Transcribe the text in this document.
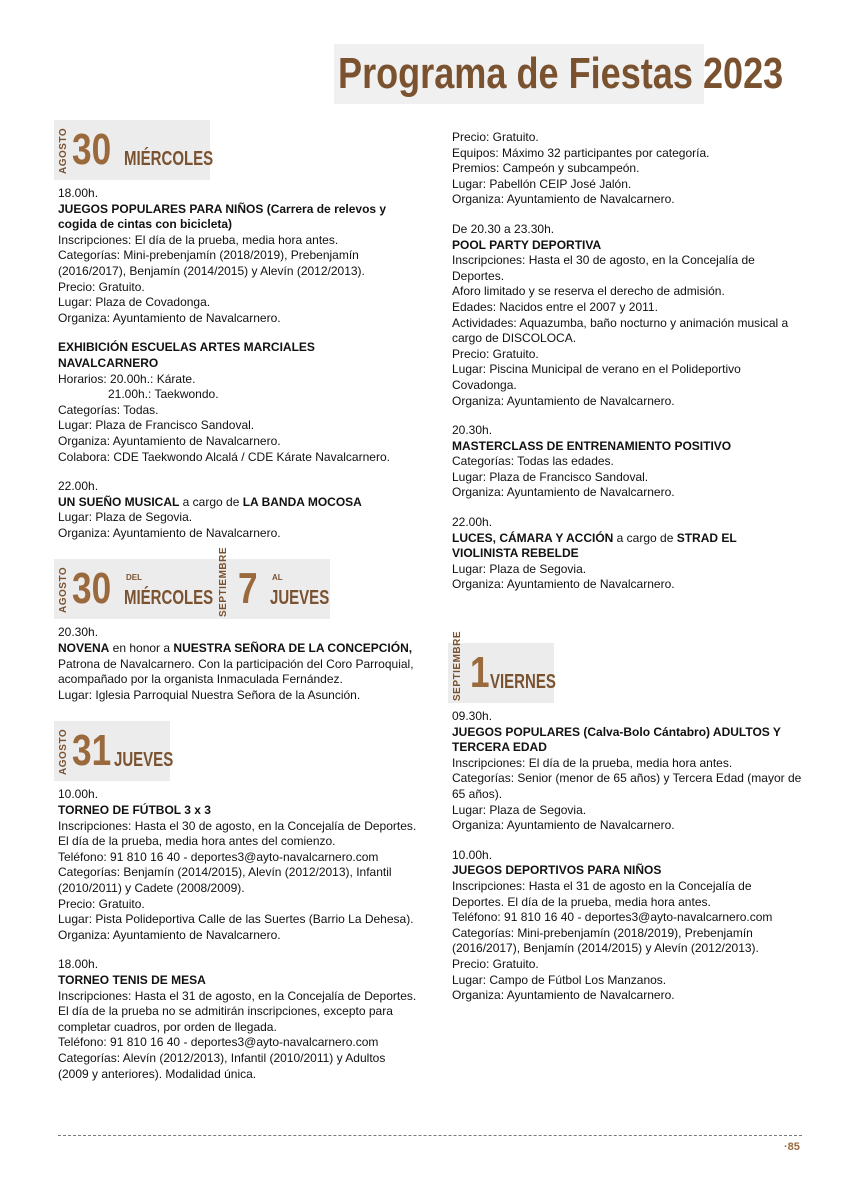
Programa de Fiestas 2023
AGOSTO 30 MIÉRCOLES

18.00h.

JUEGOS POPULARES PARA NIÑOS (Carrera de relevos y cogida de cintas con bicicleta)

Inscripciones: El día de la prueba, media hora antes.

Categorías: Mini-prebenjamín (2018/2019), Prebenjamín (2016/2017), Benjamín (2014/2015) y Alevín (2012/2013).

Precio: Gratuito.

Lugar: Plaza de Covadonga.

Organiza: Ayuntamiento de Navalcarnero.

EXHIBICIÓN ESCUELAS ARTES MARCIALES NAVALCARNERO

Horarios: 20.00h.: Kárate.

21.00h.: Taekwondo.

Categorías: Todas.

Lugar: Plaza de Francisco Sandoval.

Organiza: Ayuntamiento de Navalcarnero.

Colabora: CDE Taekwondo Alcalá / CDE Kárate Navalcarnero.

22.00h.

UN SUEÑO MUSICAL a cargo de LA BANDA MOCOSA

Lugar: Plaza de Segovia.

Organiza: Ayuntamiento de Navalcarnero.

AGOSTO 30 DEL
MIÉRCOLES SEPTIEMBRE 7 AL
JUEVES

20.30h.

NOVENA en honor a NUESTRA SEÑORA DE LA CONCEPCIÓN,

Patrona de Navalcarnero. Con la participación del Coro Parroquial, acompañado por la organista Inmaculada Fernández.

Lugar: Iglesia Parroquial Nuestra Señora de la Asunción.

AGOSTO 31 JUEVES

10.00h.

TORNEO DE FÚTBOL 3 x 3

Inscripciones: Hasta el 30 de agosto, en la Concejalía de Deportes. El día de la prueba, media hora antes del comienzo.

Teléfono: 91 810 16 40 - deportes3@ayto-navalcarnero.com

Categorías: Benjamín (2014/2015), Alevín (2012/2013), Infantil (2010/2011) y Cadete (2008/2009).

Precio: Gratuito.

Lugar: Pista Polideportiva Calle de las Suertes (Barrio La Dehesa).

Organiza: Ayuntamiento de Navalcarnero.

18.00h.

TORNEO TENIS DE MESA

Inscripciones: Hasta el 31 de agosto, en la Concejalía de Deportes. El día de la prueba no se admitirán inscripciones, excepto para completar cuadros, por orden de llegada.

Teléfono: 91 810 16 40 - deportes3@ayto-navalcarnero.com

Categorías: Alevín (2012/2013), Infantil (2010/2011) y Adultos (2009 y anteriores). Modalidad única.

Precio: Gratuito.

Equipos: Máximo 32 participantes por categoría.

Premios: Campeón y subcampeón.

Lugar: Pabellón CEIP José Jalón.

Organiza: Ayuntamiento de Navalcarnero.

De 20.30 a 23.30h.

POOL PARTY DEPORTIVA

Inscripciones: Hasta el 30 de agosto, en la Concejalía de Deportes.

Aforo limitado y se reserva el derecho de admisión.

Edades: Nacidos entre el 2007 y 2011.

Actividades: Aquazumba, baño nocturno y animación musical a cargo de DISCOLOCA.

Precio: Gratuito.

Lugar: Piscina Municipal de verano en el Polideportivo Covadonga.

Organiza: Ayuntamiento de Navalcarnero.

20.30h.

MASTERCLASS DE ENTRENAMIENTO POSITIVO

Categorías: Todas las edades.

Lugar: Plaza de Francisco Sandoval.

Organiza: Ayuntamiento de Navalcarnero.

22.00h.

LUCES, CÁMARA Y ACCIÓN a cargo de STRAD EL VIOLINISTA REBELDE

Lugar: Plaza de Segovia.

Organiza: Ayuntamiento de Navalcarnero.

SEPTIEMBRE 1 VIERNES

09.30h.

JUEGOS POPULARES (Calva-Bolo Cántabro) ADULTOS Y TERCERA EDAD

Inscripciones: El día de la prueba, media hora antes.

Categorías: Senior (menor de 65 años) y Tercera Edad (mayor de 65 años).

Lugar: Plaza de Segovia.

Organiza: Ayuntamiento de Navalcarnero.

10.00h.

JUEGOS DEPORTIVOS PARA NIÑOS

Inscripciones: Hasta el 31 de agosto en la Concejalía de Deportes. El día de la prueba, media hora antes.

Teléfono: 91 810 16 40 - deportes3@ayto-navalcarnero.com

Categorías: Mini-prebenjamín (2018/2019), Prebenjamín (2016/2017), Benjamín (2014/2015) y Alevín (2012/2013).

Precio: Gratuito.

Lugar: Campo de Fútbol Los Manzanos.

Organiza: Ayuntamiento de Navalcarnero.

·85
